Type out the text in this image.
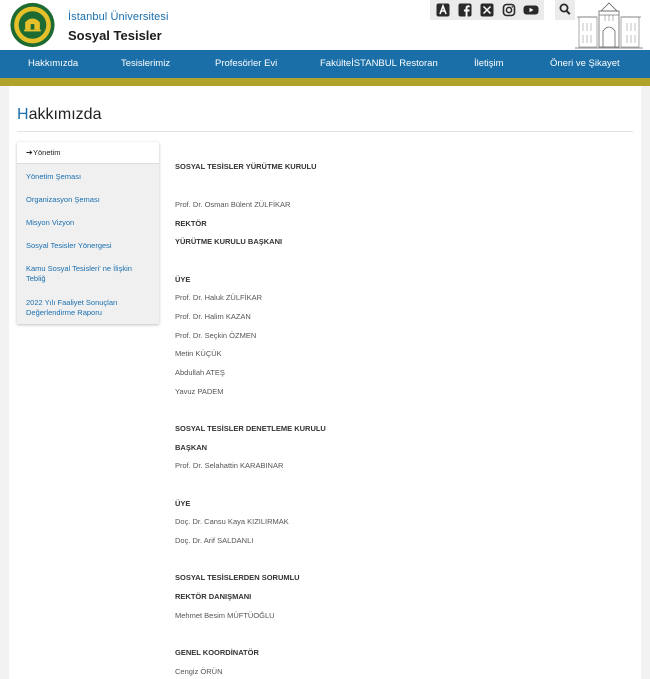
İstanbul Üniversitesi
Sosyal Tesisler
Hakkımızda	Tesislerimiz	Profesörler Evi	FakülteİSTANBUL Restoran	İletişim	Öneri ve Şikayet
Hakkımızda
➔ Yönetim
Yönetim Şeması
Organizasyon Şeması
Misyon Vizyon
Sosyal Tesisler Yönergesi
Kamu Sosyal Tesisleri' ne İlişkin Tebliğ
2022 Yılı Faaliyet Sonuçları Değerlendirme Raporu
SOSYAL TESİSLER YÜRÜTME KURULU
Prof. Dr. Osman Bülent ZÜLFİKAR
REKTÖR
YÜRÜTME KURULU BAŞKANI
ÜYE
Prof. Dr. Haluk ZÜLFİKAR
Prof. Dr. Halim KAZAN
Prof. Dr. Seçkin ÖZMEN
Metin KÜÇÜK
Abdullah ATEŞ
Yavuz PADEM
SOSYAL TESİSLER DENETLEME KURULU
BAŞKAN
Prof. Dr. Selahattin KARABINAR
ÜYE
Doç. Dr. Cansu Kaya KIZILIRMAK
Doç. Dr. Arif SALDANLI
SOSYAL TESİSLERDEN SORUMLU
REKTÖR DANIŞMANI
Mehmet Besim MÜFTÜOĞLU
GENEL KOORDİNATÖR
Cengiz ÖRÜN
